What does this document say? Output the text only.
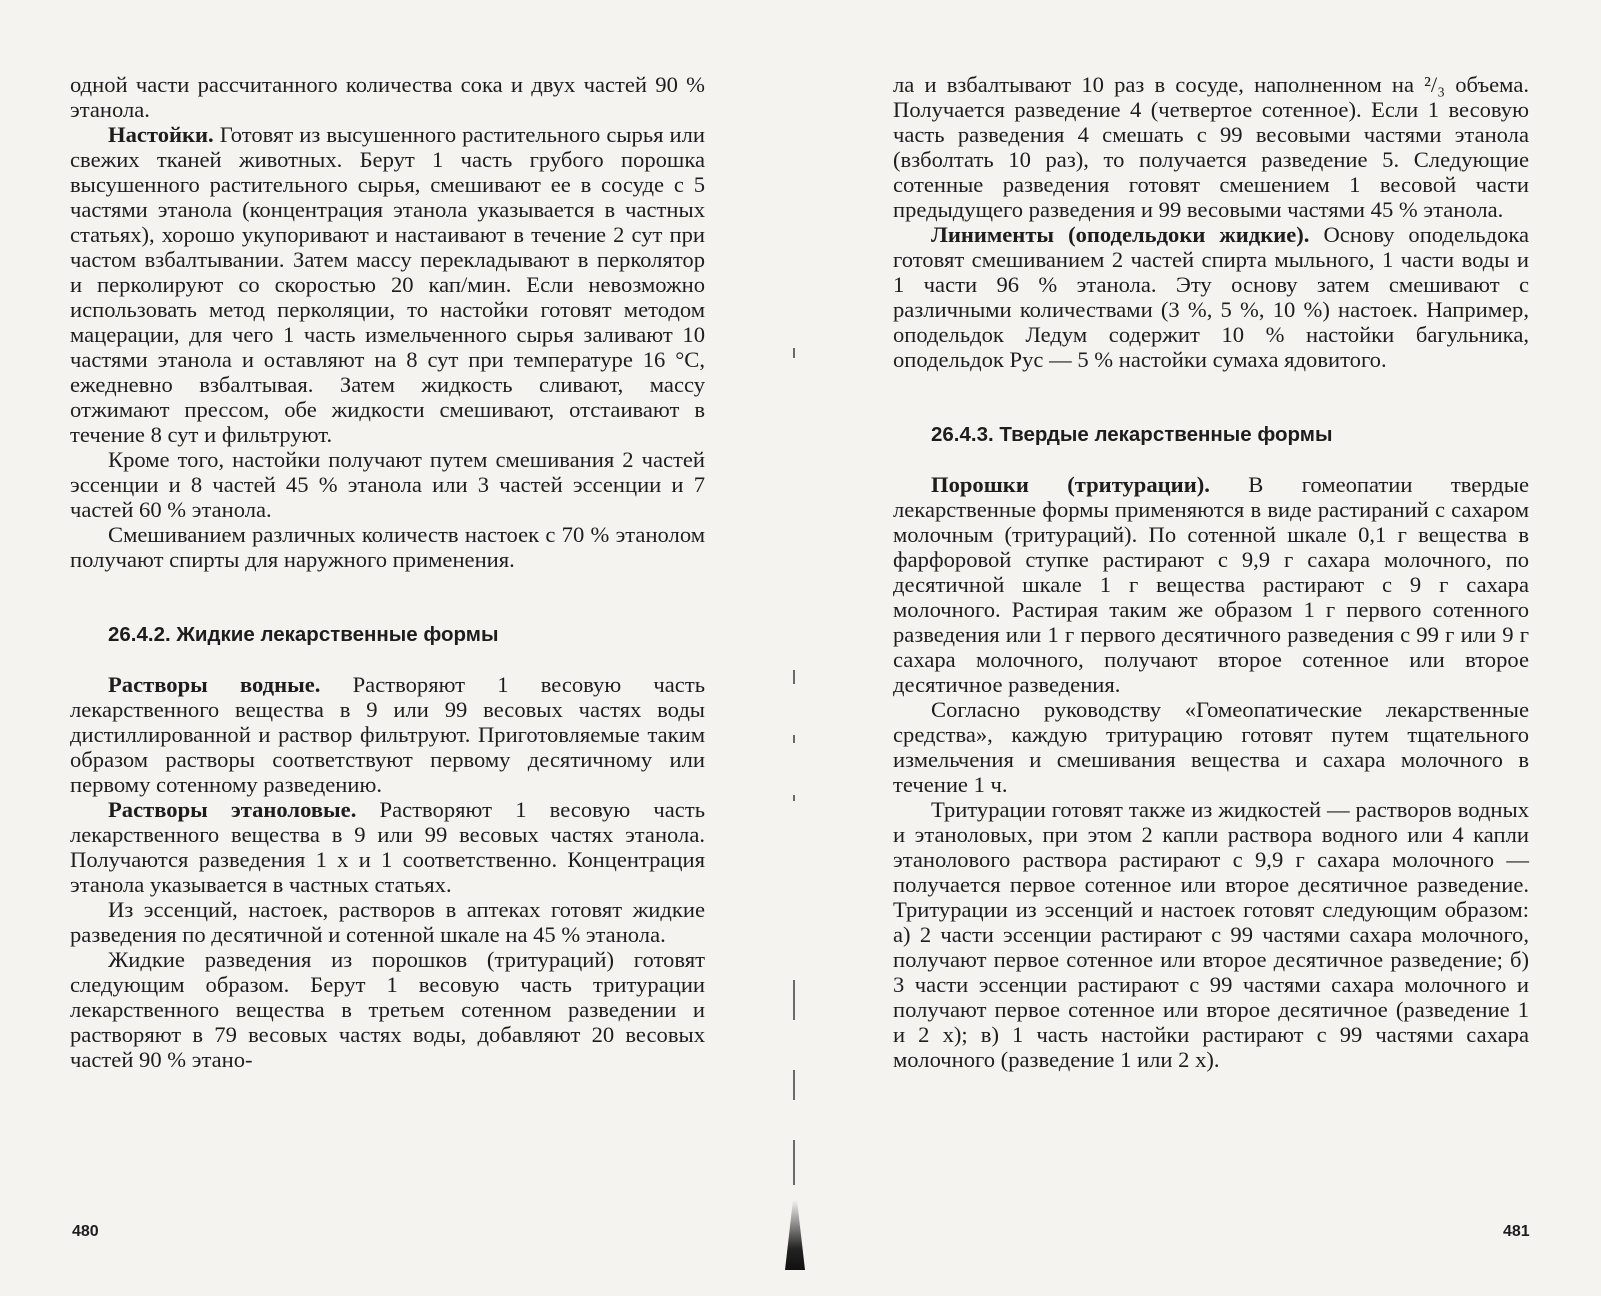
одной части рассчитанного количества сока и двух частей 90 % этанола.

Настойки. Готовят из высушенного растительного сырья или свежих тканей животных. Берут 1 часть грубого порошка высушенного растительного сырья, смешивают ее в сосуде с 5 частями этанола (концентрация этанола указывается в частных статьях), хорошо укупоривают и настаивают в течение 2 сут при частом взбалтывании. Затем массу перекладывают в перколятор и перколируют со скоростью 20 кап/мин. Если невозможно использовать метод перколяции, то настойки готовят методом мацерации, для чего 1 часть измельченного сырья заливают 10 частями этанола и оставляют на 8 сут при температуре 16 °С, ежедневно взбалтывая. Затем жидкость сливают, массу отжимают прессом, обе жидкости смешивают, отстаивают в течение 8 сут и фильтруют.

Кроме того, настойки получают путем смешивания 2 частей эссенции и 8 частей 45 % этанола или 3 частей эссенции и 7 частей 60 % этанола.

Смешиванием различных количеств настоек с 70 % этанолом получают спирты для наружного применения.

26.4.2. Жидкие лекарственные формы

Растворы водные. Растворяют 1 весовую часть лекарственного вещества в 9 или 99 весовых частях воды дистиллированной и раствор фильтруют. Приготовляемые таким образом растворы соответствуют первому десятичному или первому сотенному разведению.

Растворы этаноловые. Растворяют 1 весовую часть лекарственного вещества в 9 или 99 весовых частях этанола. Получаются разведения 1 х и 1 соответственно. Концентрация этанола указывается в частных статьях.

Из эссенций, настоек, растворов в аптеках готовят жидкие разведения по десятичной и сотенной шкале на 45 % этанола.

Жидкие разведения из порошков (тритураций) готовят следующим образом. Берут 1 весовую часть тритурации лекарственного вещества в третьем сотенном разведении и растворяют в 79 весовых частях воды, добавляют 20 весовых частей 90 % этано-

ла и взбалтывают 10 раз в сосуде, наполненном на ²/₃ объема. Получается разведение 4 (четвертое сотенное). Если 1 весовую часть разведения 4 смешать с 99 весовыми частями этанола (взболтать 10 раз), то получается разведение 5. Следующие сотенные разведения готовят смешением 1 весовой части предыдущего разведения и 99 весовыми частями 45 % этанола.

Линименты (оподельдоки жидкие). Основу оподельдока готовят смешиванием 2 частей спирта мыльного, 1 части воды и 1 части 96 % этанола. Эту основу затем смешивают с различными количествами (3 %, 5 %, 10 %) настоек. Например, оподельдок Ледум содержит 10 % настойки багульника, оподельдок Рус — 5 % настойки сумаха ядовитого.

26.4.3. Твердые лекарственные формы

Порошки (тритурации). В гомеопатии твердые лекарственные формы применяются в виде растираний с сахаром молочным (тритураций). По сотенной шкале 0,1 г вещества в фарфоровой ступке растирают с 9,9 г сахара молочного, по десятичной шкале 1 г вещества растирают с 9 г сахара молочного. Растирая таким же образом 1 г первого сотенного разведения или 1 г первого десятичного разведения с 99 г или 9 г сахара молочного, получают второе сотенное или второе десятичное разведения.

Согласно руководству «Гомеопатические лекарственные средства», каждую тритурацию готовят путем тщательного измельчения и смешивания вещества и сахара молочного в течение 1 ч.

Тритурации готовят также из жидкостей — растворов водных и этаноловых, при этом 2 капли раствора водного или 4 капли этанолового раствора растирают с 9,9 г сахара молочного — получается первое сотенное или второе десятичное разведение. Тритурации из эссенций и настоек готовят следующим образом: а) 2 части эссенции растирают с 99 частями сахара молочного, получают первое сотенное или второе десятичное разведение; б) 3 части эссенции растирают с 99 частями сахара молочного и получают первое сотенное или второе десятичное (разведение 1 и 2 х); в) 1 часть настойки растирают с 99 частями сахара молочного (разведение 1 или 2 х).

480	481
